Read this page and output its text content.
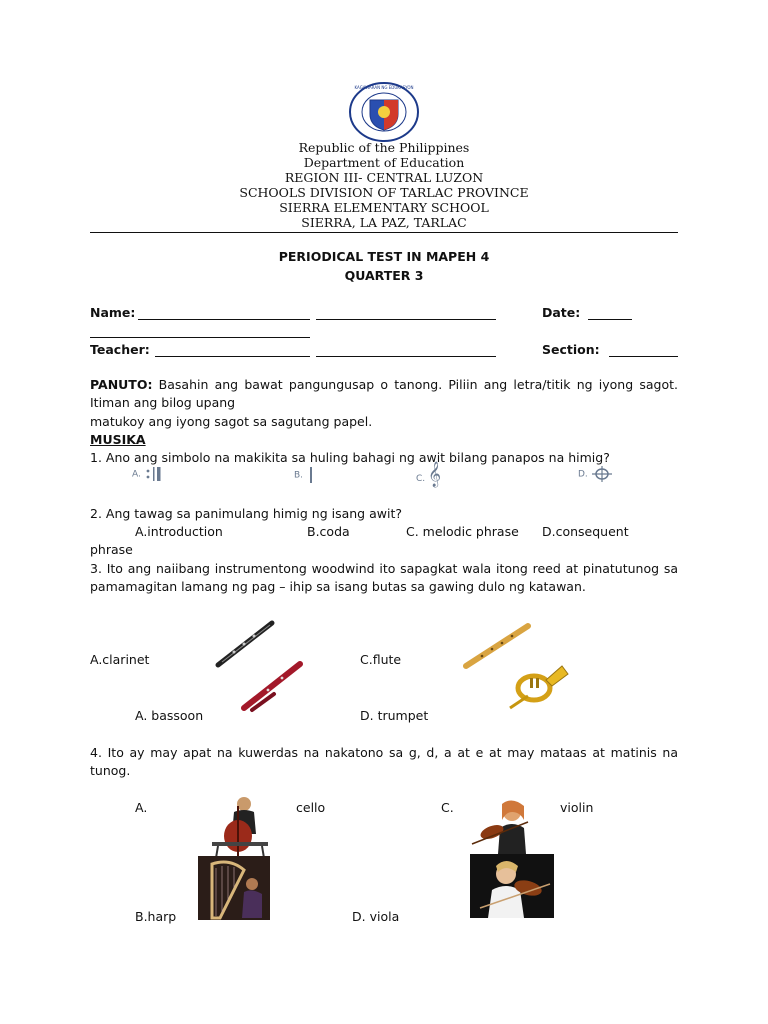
KAGAWARAN NG EDUKASYON
Republic of the Philippines
Department of Education
REGION III- CENTRAL LUZON
SCHOOLS DIVISION OF TARLAC PROVINCE
SIERRA ELEMENTARY SCHOOL
SIERRA, LA PAZ, TARLAC
PERIODICAL TEST IN MAPEH 4
QUARTER 3
Name:	Date:
Teacher:	Section:
PANUTO: Basahin ang bawat pangungusap o tanong. Piliin ang letra/titik ng iyong sagot. Itiman ang bilog upang
matukoy ang iyong sagot sa sagutang papel.
MUSIKA
1. Ano ang simbolo na makikita sa huling bahagi ng awit bilang panapos na himig?
A.	B.	C. 𝄞	D.
2. Ang tawag sa panimulang himig ng isang awit?
A.introduction	B.coda	C. melodic phrase D.consequent
phrase
3. Ito ang naiibang instrumentong woodwind ito sapagkat wala itong reed at pinatutunog sa pamamagitan lamang ng pag – ihip sa isang butas sa gawing dulo ng katawan.
A.clarinet	C.flute
A. bassoon	D. trumpet
4. Ito ay may apat na kuwerdas na nakatono sa g, d, a at e at may mataas at matinis na tunog.
A.	cello	C.	violin
B.harp	D. viola
